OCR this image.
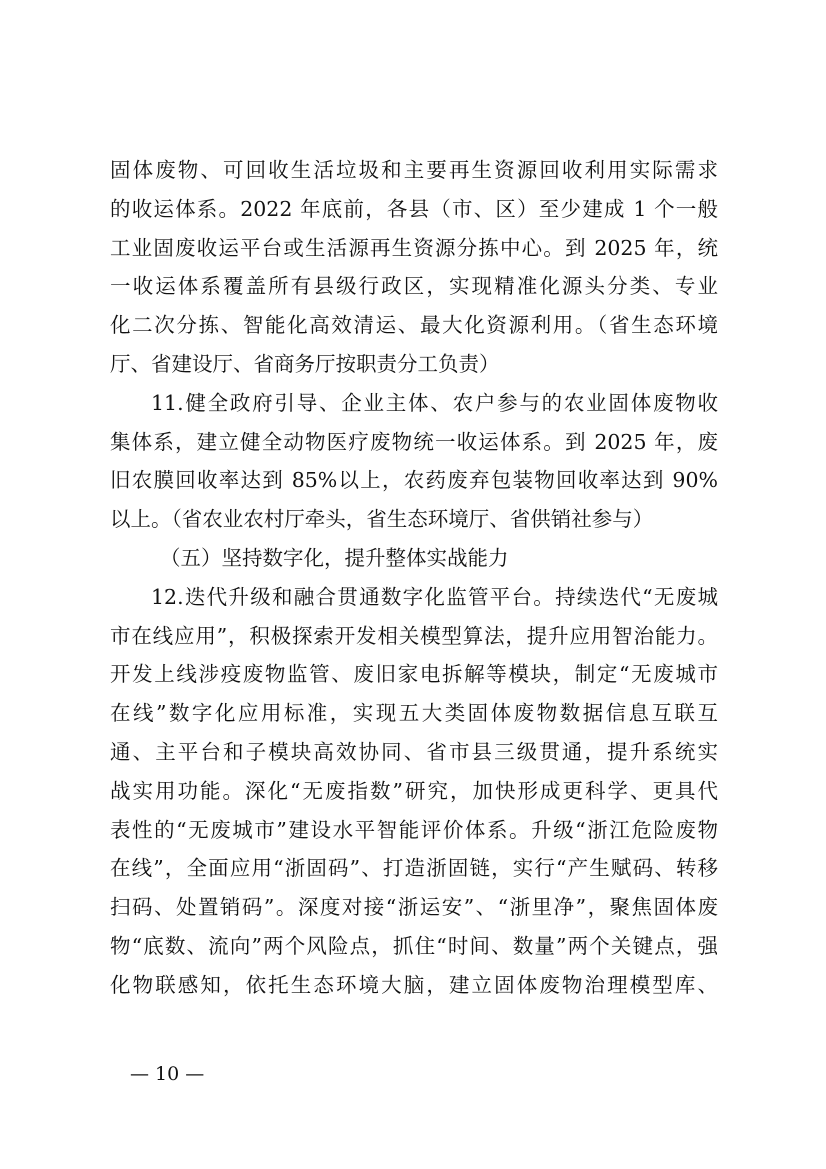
固体废物、可回收生活垃圾和主要再生资源回收利用实际需求
的收运体系。2022 年底前，各县（市、区）至少建成 1 个一般
工业固废收运平台或生活源再生资源分拣中心。到 2025 年，统
一收运体系覆盖所有县级行政区，实现精准化源头分类、专业
化二次分拣、智能化高效清运、最大化资源利用。（省生态环境
厅、省建设厅、省商务厅按职责分工负责）
11.健全政府引导、企业主体、农户参与的农业固体废物收
集体系，建立健全动物医疗废物统一收运体系。到 2025 年，废
旧农膜回收率达到 85%以上，农药废弃包装物回收率达到 90%
以上。（省农业农村厅牵头，省生态环境厅、省供销社参与）
（五）坚持数字化，提升整体实战能力
12.迭代升级和融合贯通数字化监管平台。持续迭代“无废城
市在线应用”，积极探索开发相关模型算法，提升应用智治能力。
开发上线涉疫废物监管、废旧家电拆解等模块，制定“无废城市
在线”数字化应用标准，实现五大类固体废物数据信息互联互
通、主平台和子模块高效协同、省市县三级贯通，提升系统实
战实用功能。深化“无废指数”研究，加快形成更科学、更具代
表性的“无废城市”建设水平智能评价体系。升级“浙江危险废物
在线”，全面应用“浙固码”、打造浙固链，实行“产生赋码、转移
扫码、处置销码”。深度对接“浙运安”、“浙里净”，聚焦固体废
物“底数、流向”两个风险点，抓住“时间、数量”两个关键点，强
化物联感知，依托生态环境大脑，建立固体废物治理模型库、
— 10 —
